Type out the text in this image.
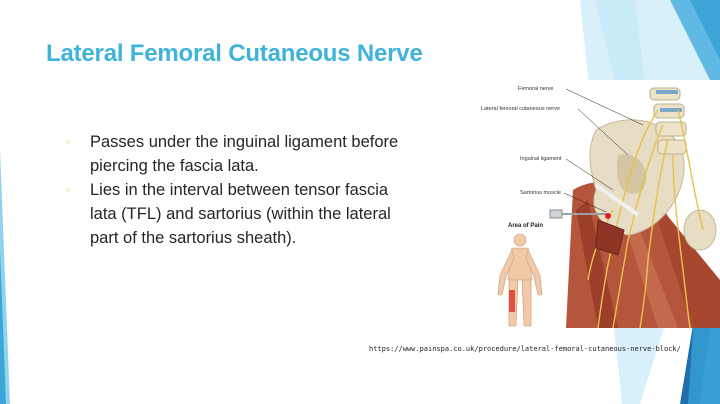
Lateral Femoral Cutaneous Nerve
○ Passes under the inguinal ligament before piercing the fascia lata.
○ Lies in the interval between tensor fascia lata (TFL) and sartorius (within the lateral part of the sartorius sheath).
Femoral nerve
Lateral femoral cutaneous nerve
Inguinal ligament
Sartorius muscle
Area of Pain
https://www.painspa.co.uk/procedure/lateral-femoral-cutaneous-nerve-block/
